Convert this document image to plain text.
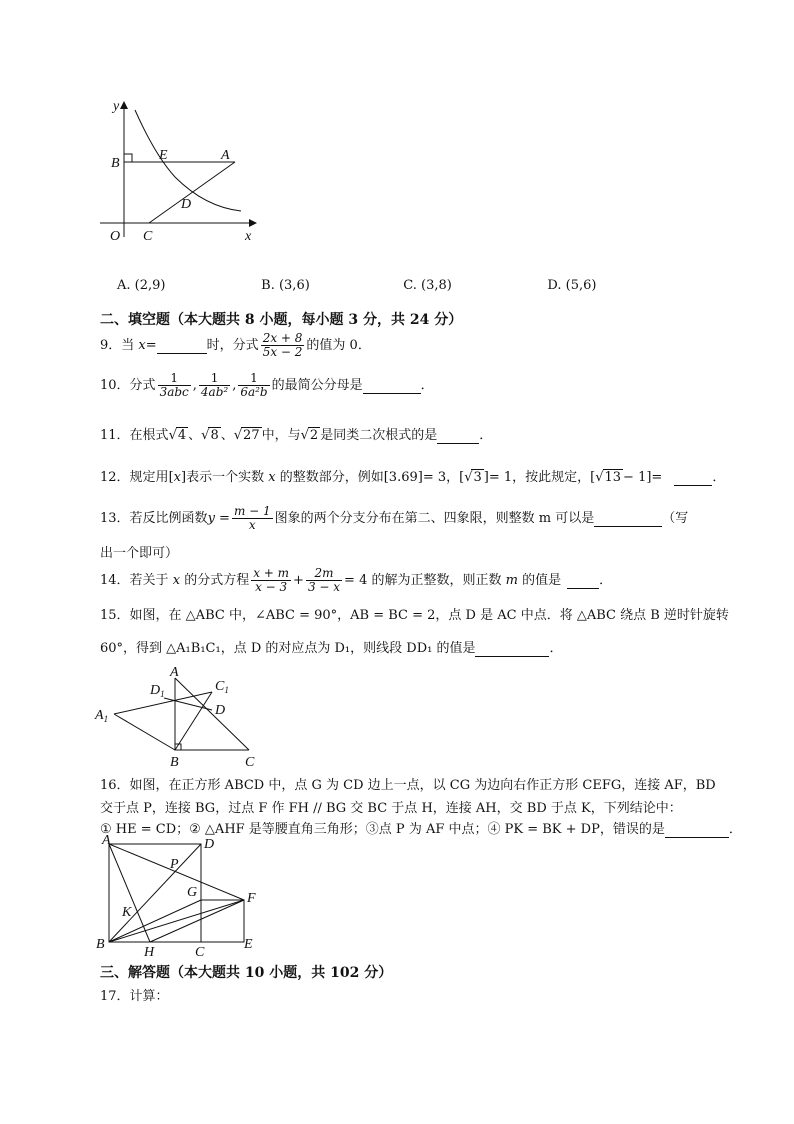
y
B
E	A
D
O C	x
A. (2,9)	B. (3,6)	C. (3,8)	D. (5,6)
二、填空题（本大题共 8 小题，每小题 3 分，共 24 分）
9．当 x=	时，分式 $\frac{2x + 8}{5x - 2}$ 的值为 0．
10．分式 $\frac{1}{\text{3abc}}$ , $\frac{1}{\text{4ab²}}$ , $\frac{1}{\text{6a²b}}$ 的最简公分母是	．
11．在根式√4 、√8 、√27 中，与√2 是同类二次根式的是	．
12．规定用[x]表示一个实数 x 的整数部分，例如[3.69]= 3，[√3 ]= 1，按此规定，[√13 − 1]=	．
13．若反比例函数$y = \frac{m - 1}{x}$ 图象的两个分支分布在第二、四象限，则整数 m 可以是	（写
出一个即可）
14．若关于 x 的分式方程 $\frac{x + m}{x - 3} + \frac{2m}{3 - x} = 4$ 的解为正整数，则正数 m 的值是	．
15．如图，在 △ABC 中，∠ABC = 90°，AB = BC = 2，点 D 是 AC 中点．将 △ABC 绕点 B 逆时针旋转
60°，得到 △A₁B₁C₁，点 D 的对应点为 D₁，则线段 DD₁ 的值是	．
A
$D_1$	$C_1$
D
$A_1$
B	C
16．如图，在正方形 ABCD 中，点 G 为 CD 边上一点，以 CG 为边向右作正方形 CEFG，连接 AF，BD
交于点 P，连接 BG，过点 F 作 FH // BG 交 BC 于点 H，连接 AH，交 BD 于点 K，下列结论中：
① HE = CD；② △AHF 是等腰直角三角形；③点 P 为 AF 中点；④ PK = BK + DP，错误的是	．
A	D
P
G	F
K
B
H	C
E
三、解答题（本大题共 10 小题，共 102 分）
17．计算：
